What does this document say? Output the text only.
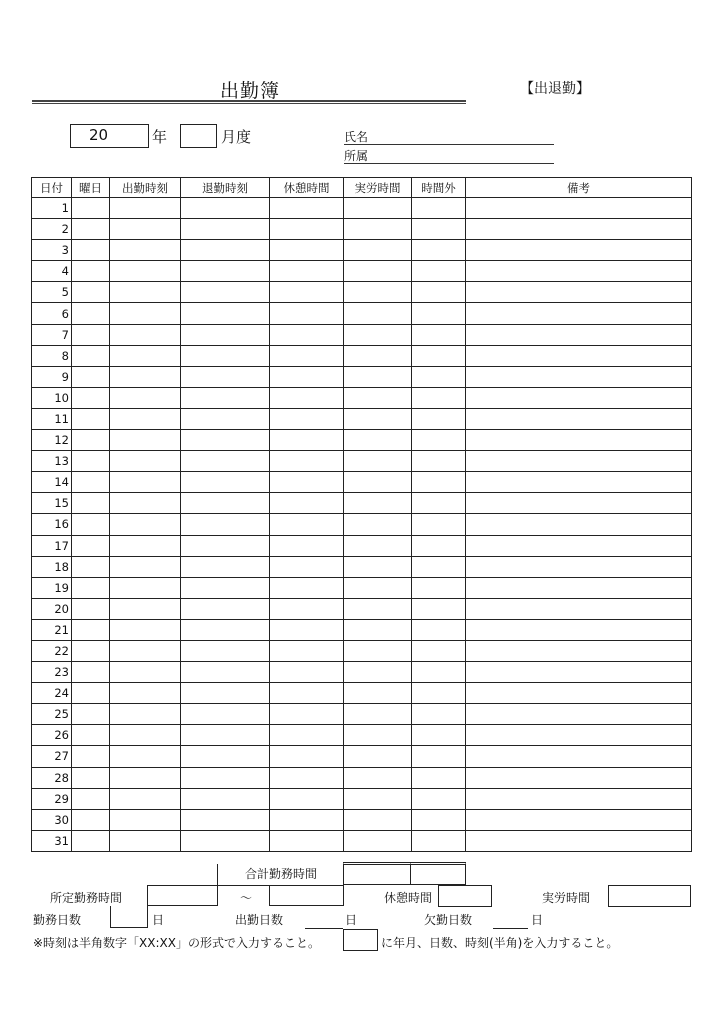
出勤簿	【出退勤】
20	年	月度	氏名
所属
日付	曜日	出勤時刻	退勤時刻	休憩時間	実労時間	時間外	備考
1							
2							
3							
4							
5							
6							
7							
8							
9							
10							
11							
12							
13							
14							
15							
16							
17							
18							
19							
20							
21							
22							
23							
24							
25							
26							
27							
28							
29							
30							
31							
合計勤務時間
所定勤務時間	～	休憩時間	実労時間
勤務日数	日	出勤日数	日	欠勤日数	日
※時刻は半角数字「XX:XX」の形式で入力すること。	に年月、日数、時刻(半角)を入力すること。
